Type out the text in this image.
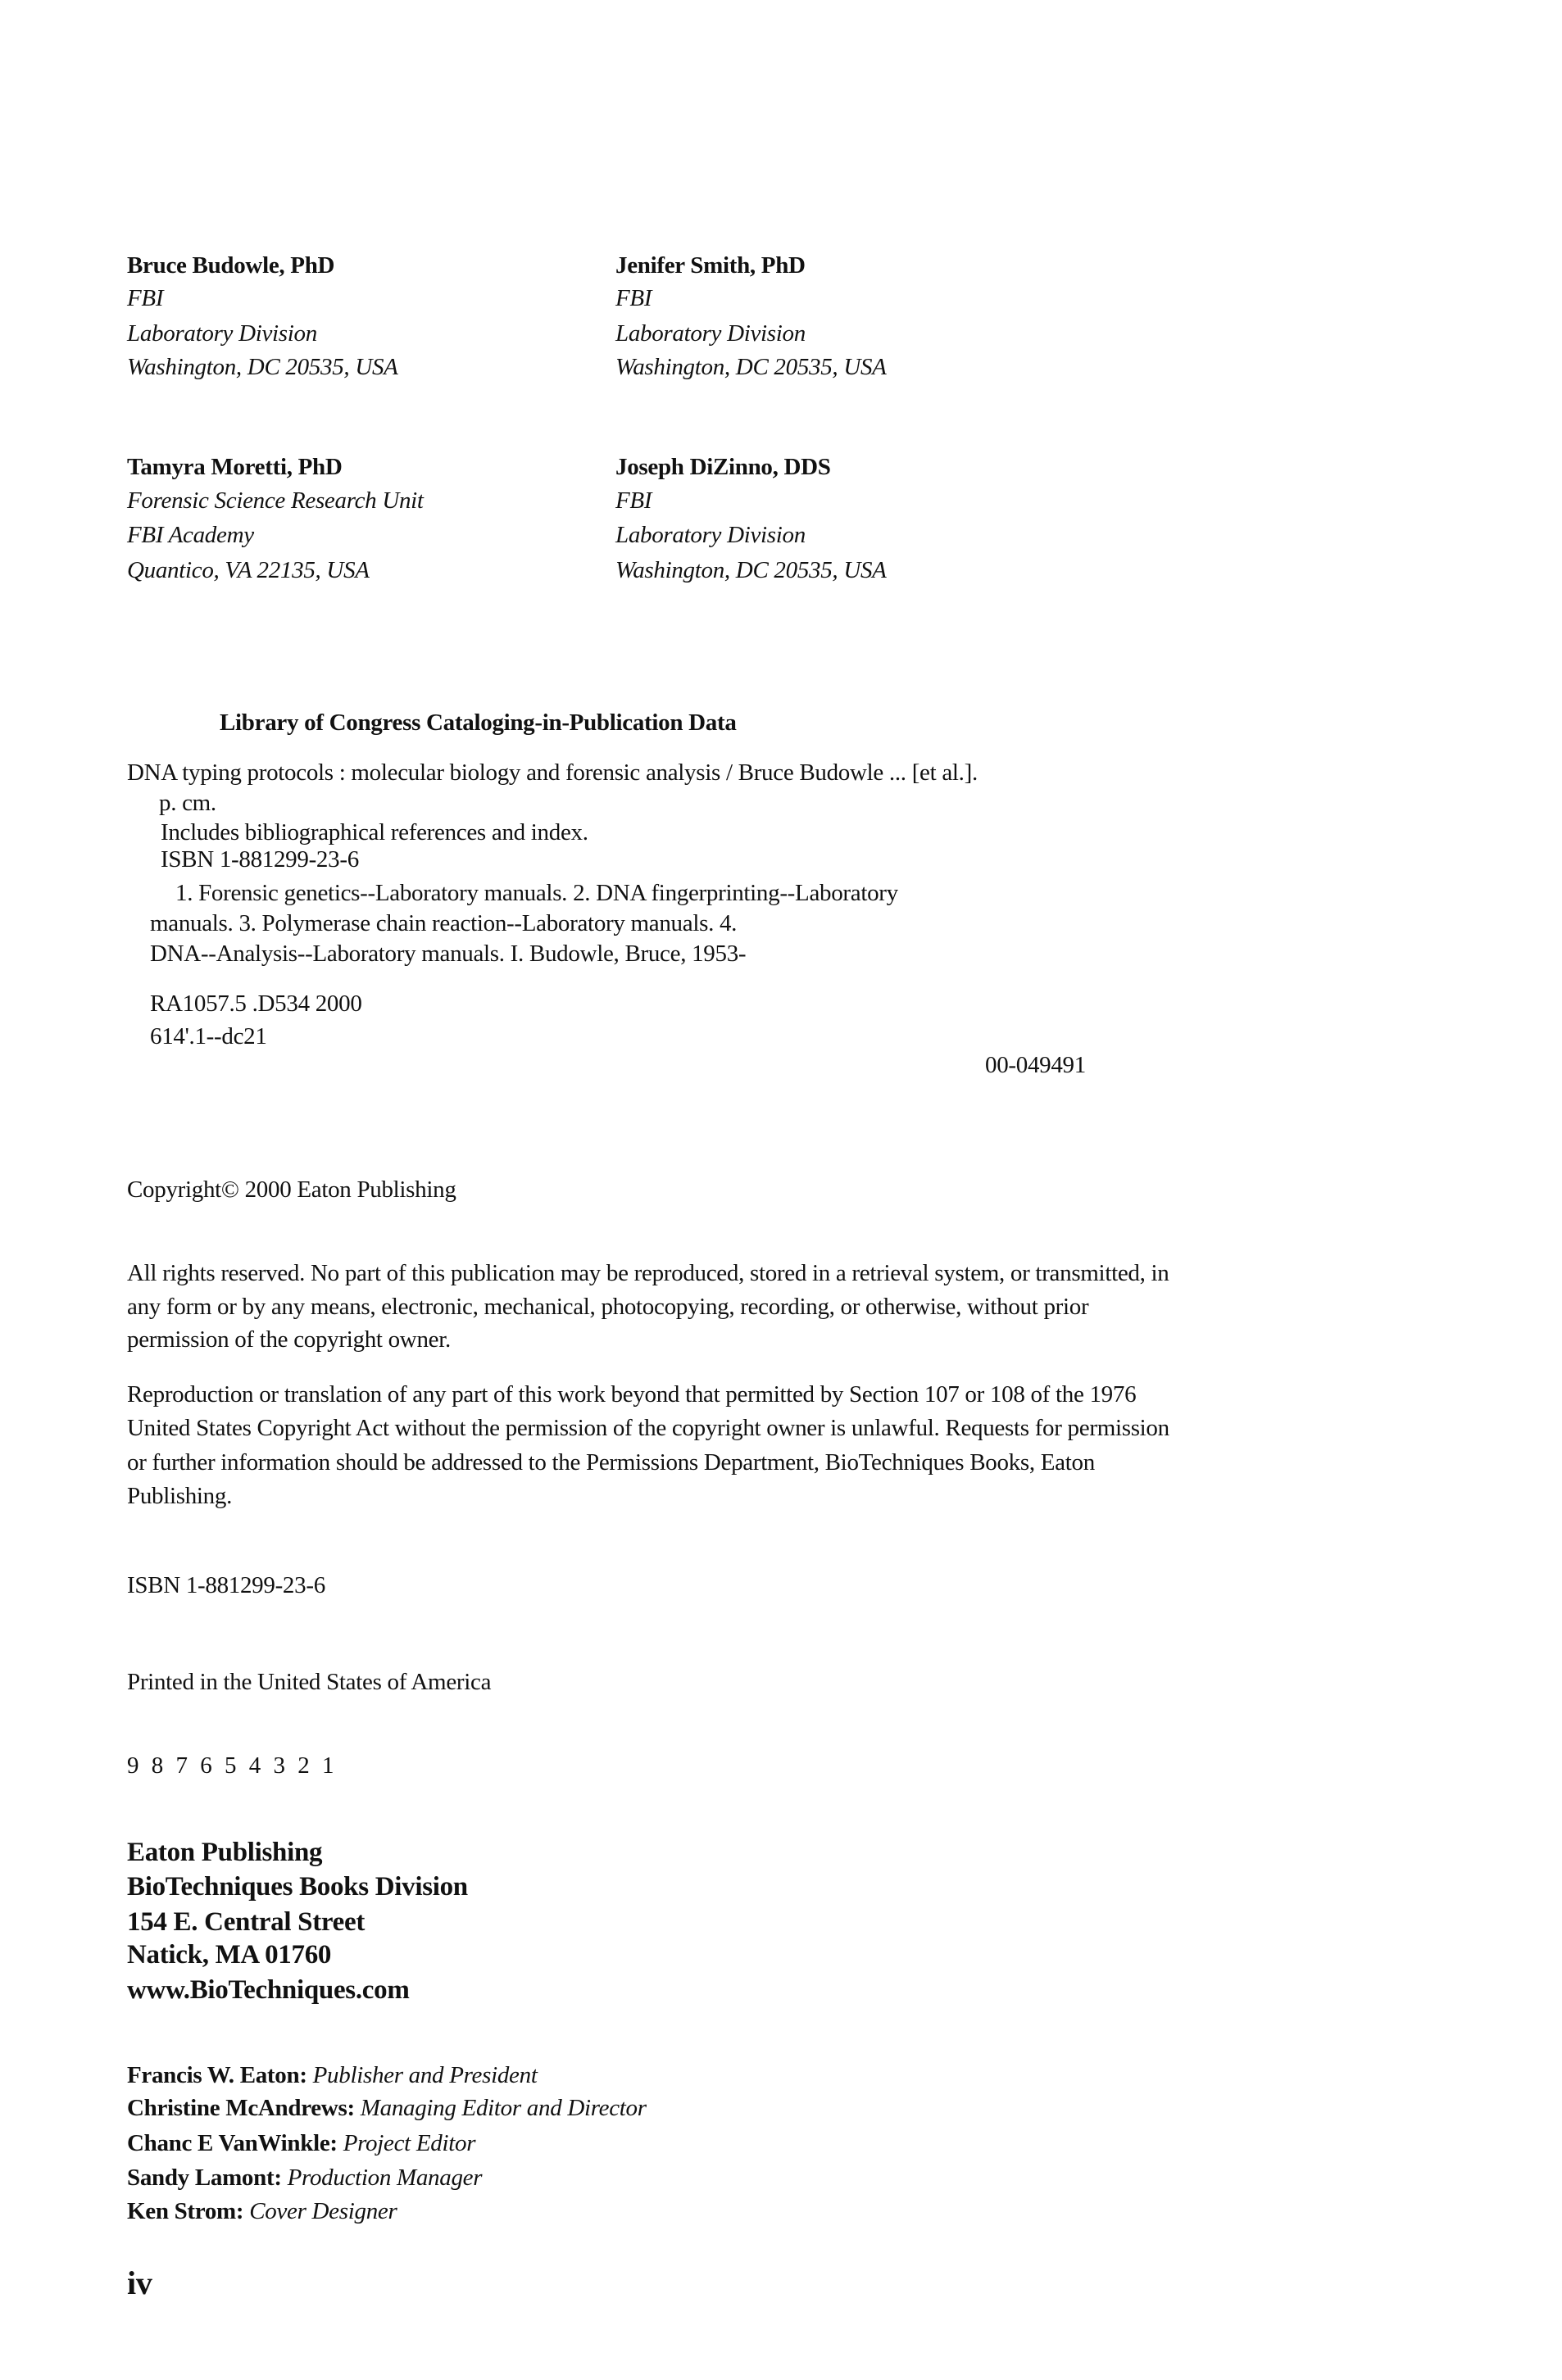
Bruce Budowle, PhD
FBI
Laboratory Division
Washington, DC 20535, USA
Jenifer Smith, PhD
FBI
Laboratory Division
Washington, DC 20535, USA
Tamyra Moretti, PhD
Forensic Science Research Unit
FBI Academy
Quantico, VA 22135, USA
Joseph DiZinno, DDS
FBI
Laboratory Division
Washington, DC 20535, USA
Library of Congress Cataloging-in-Publication Data
DNA typing protocols : molecular biology and forensic analysis / Bruce Budowle ... [et al.].
p. cm.
Includes bibliographical references and index.
ISBN 1-881299-23-6
1. Forensic genetics--Laboratory manuals. 2. DNA fingerprinting--Laboratory
manuals. 3. Polymerase chain reaction--Laboratory manuals. 4.
DNA--Analysis--Laboratory manuals. I. Budowle, Bruce, 1953-
RA1057.5 .D534 2000
614'.1--dc21
00-049491
Copyright© 2000 Eaton Publishing
All rights reserved. No part of this publication may be reproduced, stored in a retrieval system, or transmitted, in
any form or by any means, electronic, mechanical, photocopying, recording, or otherwise, without prior
permission of the copyright owner.
Reproduction or translation of any part of this work beyond that permitted by Section 107 or 108 of the 1976
United States Copyright Act without the permission of the copyright owner is unlawful. Requests for permission
or further information should be addressed to the Permissions Department, BioTechniques Books, Eaton
Publishing.
ISBN 1-881299-23-6
Printed in the United States of America
9 8 7 6 5 4 3 2 1
Eaton Publishing
BioTechniques Books Division
154 E. Central Street
Natick, MA 01760
www.BioTechniques.com
Francis W. Eaton: Publisher and President
Christine McAndrews: Managing Editor and Director
Chanc E VanWinkle: Project Editor
Sandy Lamont: Production Manager
Ken Strom: Cover Designer
iv
